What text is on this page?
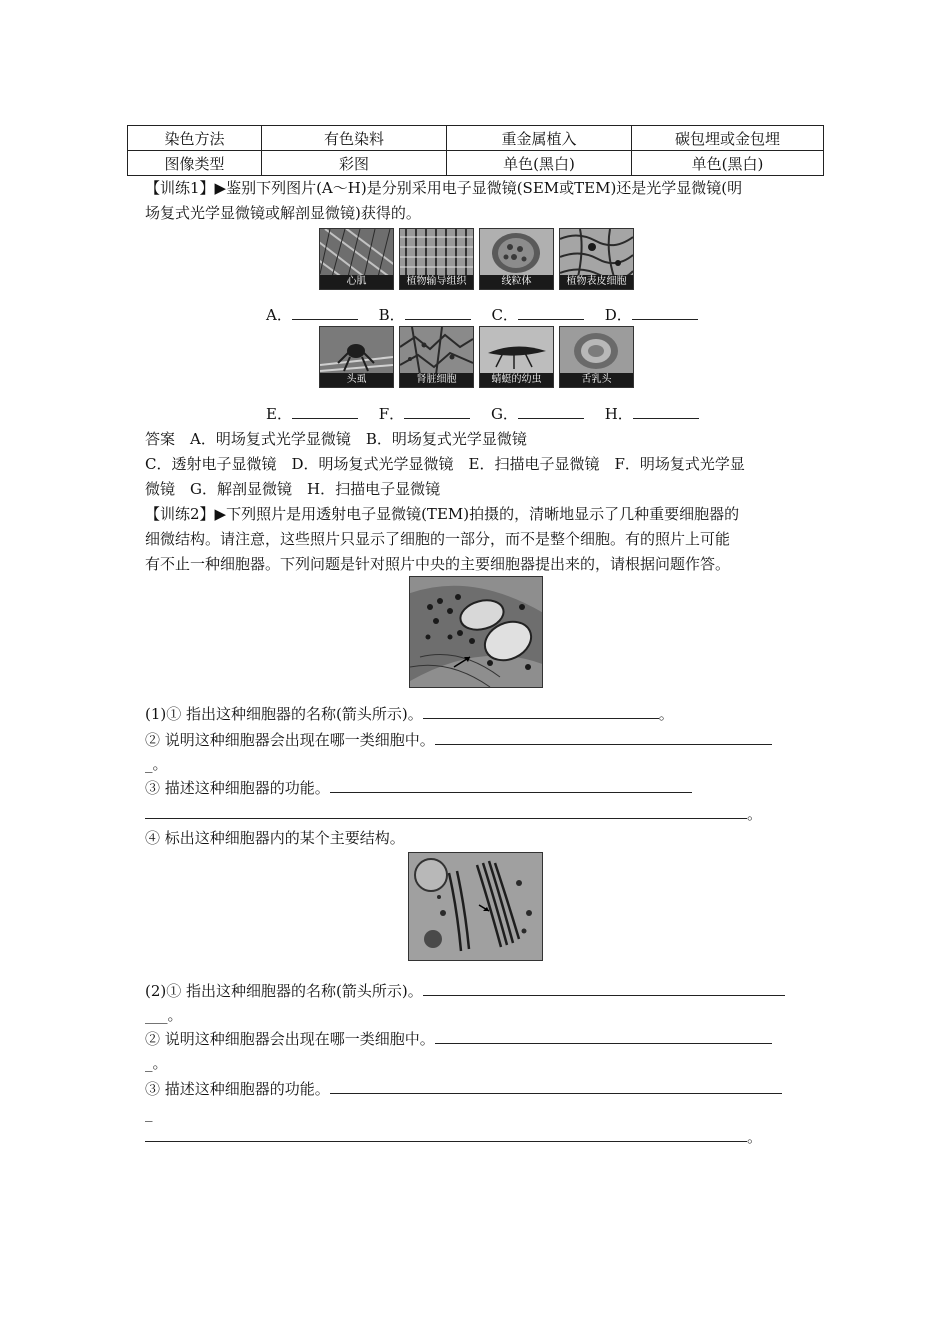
染色方法	有色染料	重金属植入	碳包埋或金包埋
图像类型	彩图	单色(黑白)	单色(黑白)
【训练1】▶鉴别下列图片(A～H)是分别采用电子显微镜(SEM或TEM)还是光学显微镜(明
场复式光学显微镜或解剖显微镜)获得的。
心肌	植物输导组织	线粒体	植物表皮细胞
A．	B．	C．	D．
头虱	肾脏细胞	蜻蜓的幼虫	舌乳头
E．	F．	G．	H．
答案　A．明场复式光学显微镜　B．明场复式光学显微镜
C．透射电子显微镜　D．明场复式光学显微镜　E．扫描电子显微镜　F．明场复式光学显
微镜　G．解剖显微镜　H．扫描电子显微镜
【训练2】▶下列照片是用透射电子显微镜(TEM)拍摄的，清晰地显示了几种重要细胞器的
细微结构。请注意，这些照片只显示了细胞的一部分，而不是整个细胞。有的照片上可能
有不止一种细胞器。下列问题是针对照片中央的主要细胞器提出来的，请根据问题作答。
(1)① 指出这种细胞器的名称(箭头所示)。	。
② 说明这种细胞器会出现在哪一类细胞中。
_。
③ 描述这种细胞器的功能。
。
④ 标出这种细胞器内的某个主要结构。
(2)① 指出这种细胞器的名称(箭头所示)。
___。
② 说明这种细胞器会出现在哪一类细胞中。
_。
③ 描述这种细胞器的功能。
_
。
